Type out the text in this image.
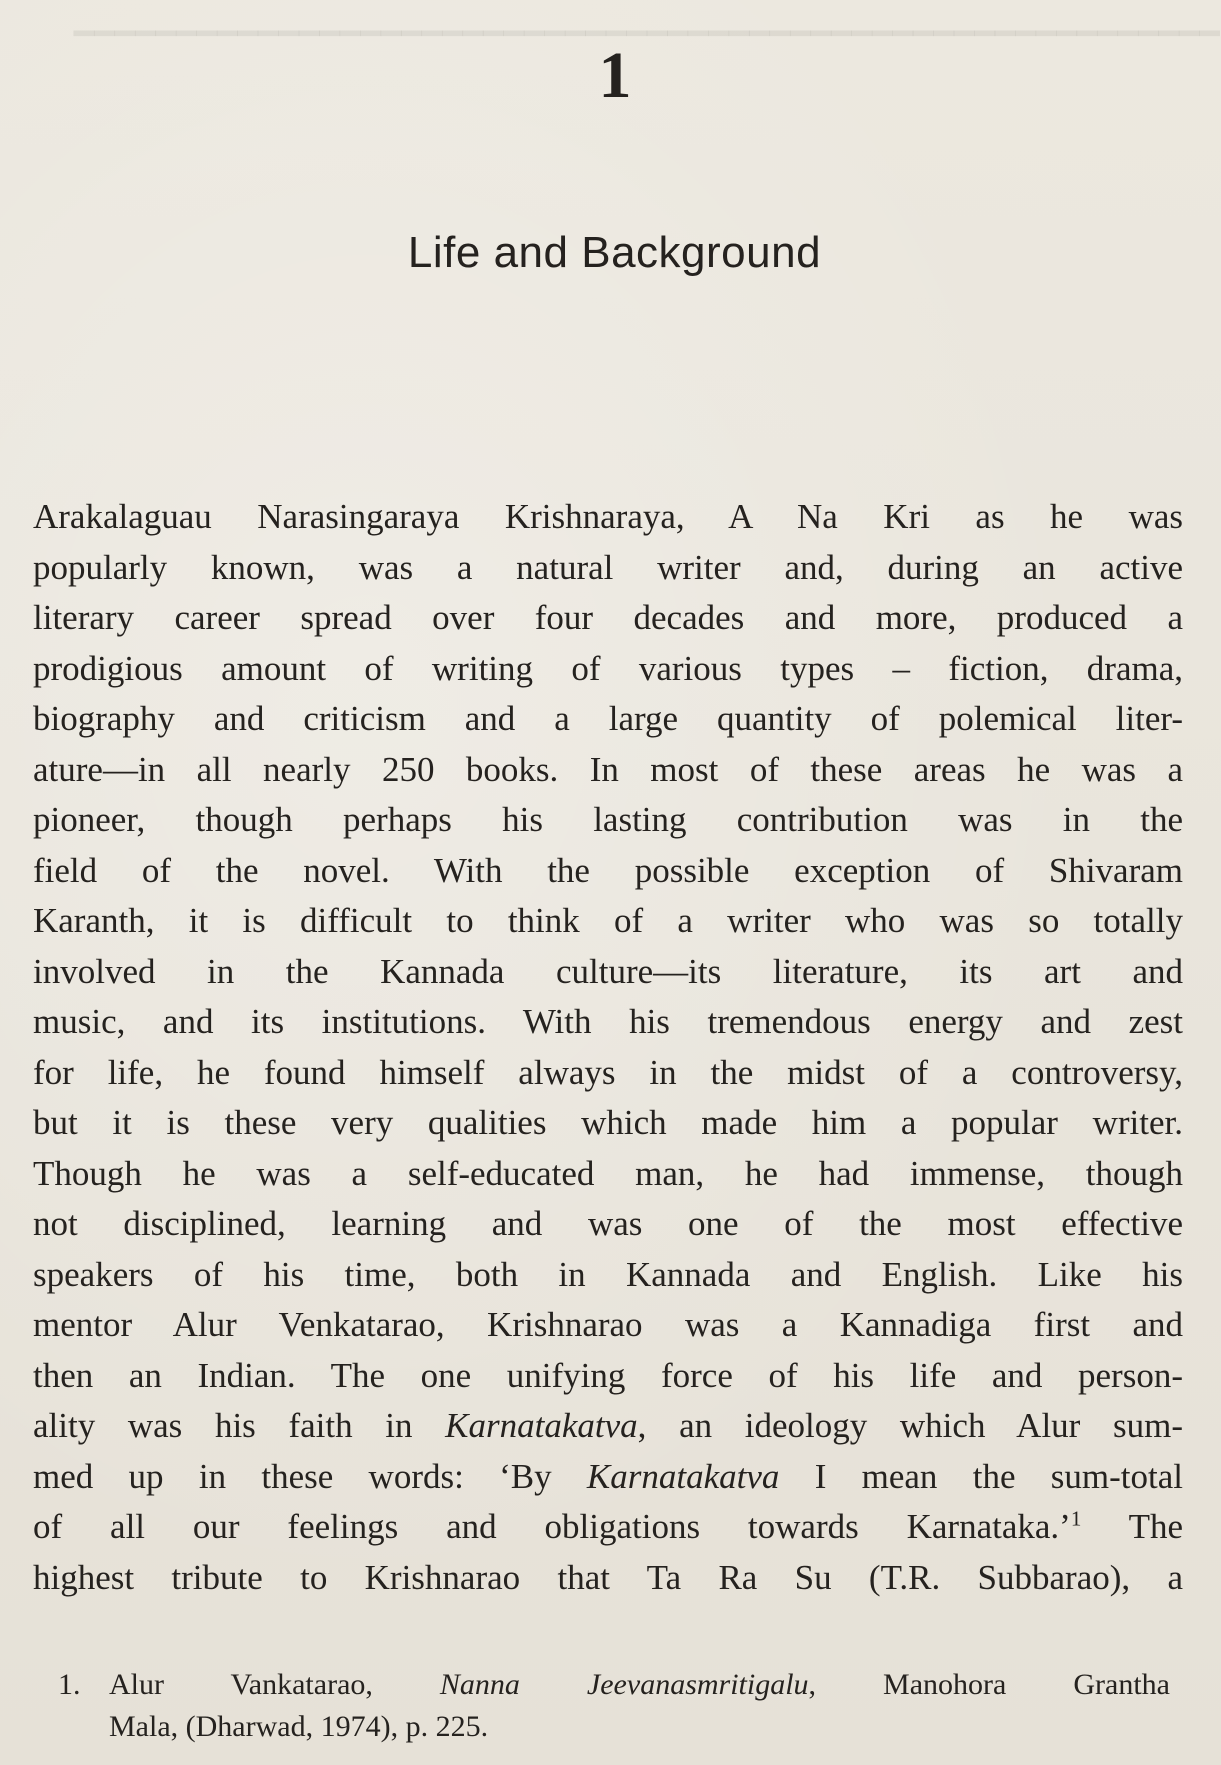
━━━━━━━━━━━━━━━━━━━━━━━━━━━━━━━━━━━━━━━━━━━━━━━━━━━━━━━━
1
Life and Background
Arakalaguau Narasingaraya Krishnaraya, A Na Kri as he was
popularly known, was a natural writer and, during an active
literary career spread over four decades and more, produced a
prodigious amount of writing of various types – fiction, drama,
biography and criticism and a large quantity of polemical liter-
ature—in all nearly 250 books. In most of these areas he was a
pioneer, though perhaps his lasting contribution was in the
field of the novel. With the possible exception of Shivaram
Karanth, it is difficult to think of a writer who was so totally
involved in the Kannada culture—its literature, its art and
music, and its institutions. With his tremendous energy and zest
for life, he found himself always in the midst of a controversy,
but it is these very qualities which made him a popular writer.
Though he was a self-educated man, he had immense, though
not disciplined, learning and was one of the most effective
speakers of his time, both in Kannada and English. Like his
mentor Alur Venkatarao, Krishnarao was a Kannadiga first and
then an Indian. The one unifying force of his life and person-
ality was his faith in Karnatakatva, an ideology which Alur sum-
med up in these words: ‘By Karnatakatva I mean the sum-total
of all our feelings and obligations towards Karnataka.’$^1$ The
highest tribute to Krishnarao that Ta Ra Su (T.R. Subbarao), a
1. Alur Vankatarao, Nanna Jeevanasmritigalu, Manohora Grantha
Mala, (Dharwad, 1974), p. 225.
